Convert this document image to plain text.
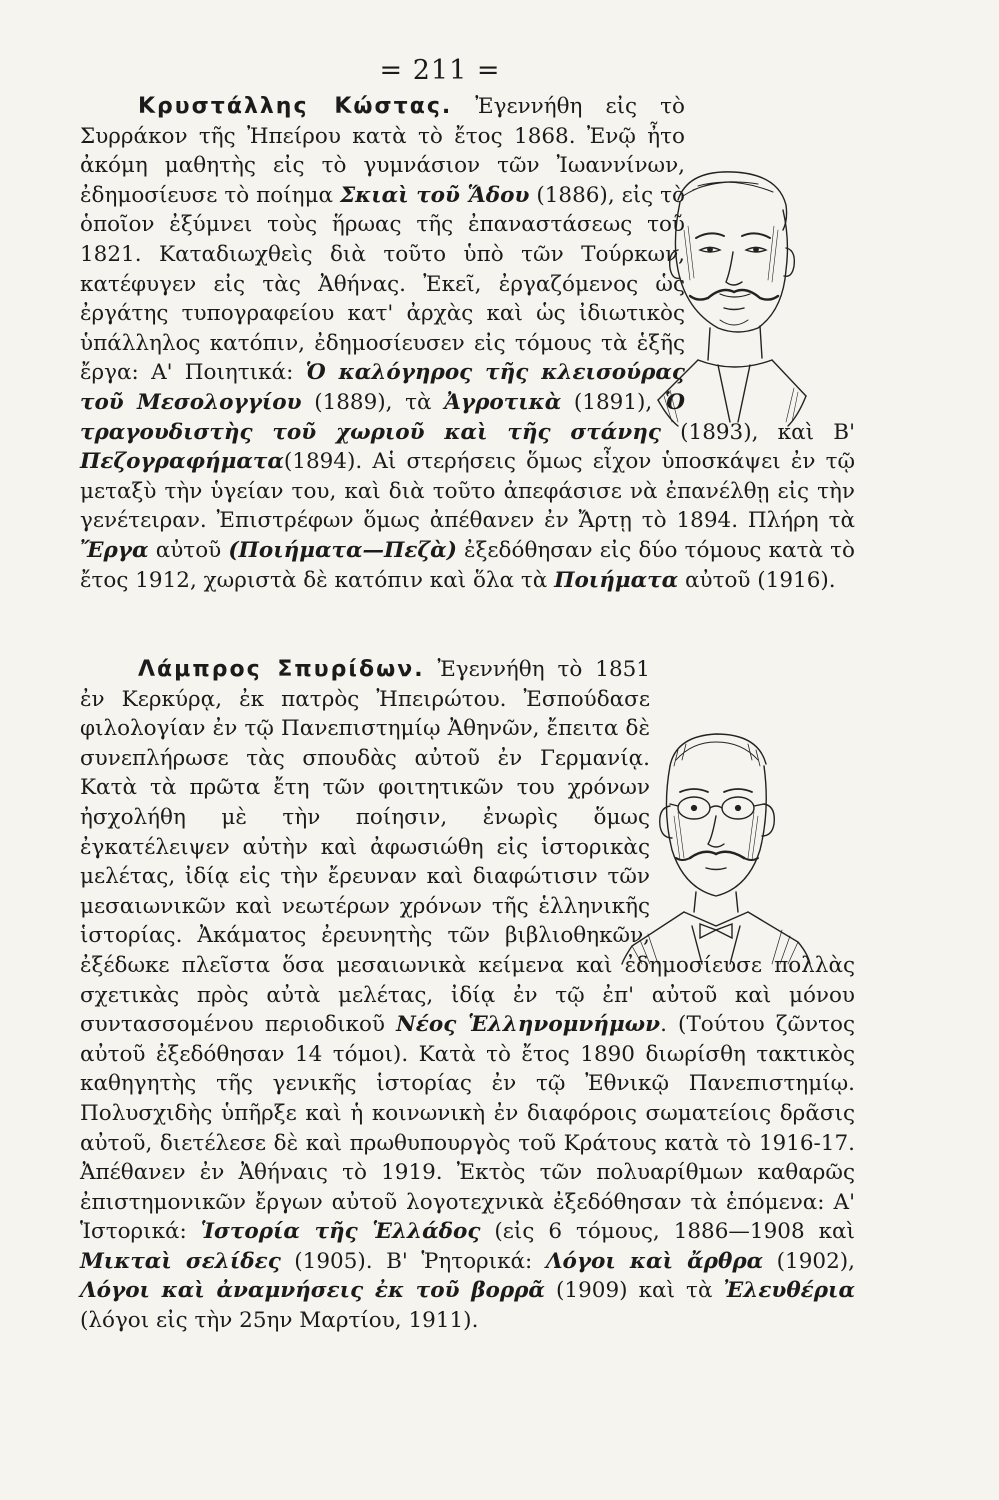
= 211 =

Κρυστάλλης Κώστας. Ἐγεννήθη εἰς τὸ Συρράκον τῆς Ἠπείρου κατὰ τὸ ἔτος 1868. Ἐνῷ ἦτο ἀκόμη μαθητὴς εἰς τὸ γυμνάσιον τῶν Ἰωαννίνων, ἐδημοσίευσε τὸ ποίημα Σκιαὶ τοῦ Ἅδου (1886), εἰς τὸ ὁποῖον ἐξύμνει τοὺς ἥρωας τῆς ἐπαναστάσεως τοῦ 1821. Καταδιωχθεὶς διὰ τοῦτο ὑπὸ τῶν Τούρκων, κατέφυγεν εἰς τὰς Ἀθήνας. Ἐκεῖ, ἐργαζόμενος ὡς ἐργάτης τυπογραφείου κατ' ἀρχὰς καὶ ὡς ἰδιωτικὸς ὑπάλληλος κατόπιν, ἐδημοσίευσεν εἰς τόμους τὰ ἑξῆς ἔργα: Α' Ποιητικά: Ὁ καλόγηρος τῆς κλεισούρας τοῦ Μεσολογγίου (1889), τὰ Ἀγροτικὰ (1891), Ὁ τραγουδιστὴς τοῦ χωριοῦ καὶ τῆς στάνης (1893), καὶ Β' Πεζογραφήματα(1894). Αἱ στερήσεις ὅμως εἶχον ὑποσκάψει ἐν τῷ μεταξὺ τὴν ὑγείαν του, καὶ διὰ τοῦτο ἀπεφάσισε νὰ ἐπανέλθῃ εἰς τὴν γενέτειραν. Ἐπιστρέφων ὅμως ἀπέθανεν ἐν Ἄρτῃ τὸ 1894. Πλήρη τὰ Ἔργα αὐτοῦ (Ποιήματα—Πεζὰ) ἐξεδόθησαν εἰς δύο τόμους κατὰ τὸ ἔτος 1912, χωριστὰ δὲ κατόπιν καὶ ὅλα τὰ Ποιήματα αὐτοῦ (1916).

Λάμπρος Σπυρίδων. Ἐγεννήθη τὸ 1851 ἐν Κερκύρᾳ, ἐκ πατρὸς Ἠπειρώτου. Ἐσπούδασε φιλολογίαν ἐν τῷ Πανεπιστημίῳ Ἀθηνῶν, ἔπειτα δὲ συνεπλήρωσε τὰς σπουδὰς αὐτοῦ ἐν Γερμανίᾳ. Κατὰ τὰ πρῶτα ἔτη τῶν φοιτητικῶν του χρόνων ἠσχολήθη μὲ τὴν ποίησιν, ἐνωρὶς ὅμως ἐγκατέλειψεν αὐτὴν καὶ ἀφωσιώθη εἰς ἱστορικὰς μελέτας, ἰδίᾳ εἰς τὴν ἔρευναν καὶ διαφώτισιν τῶν μεσαιωνικῶν καὶ νεωτέρων χρόνων τῆς ἑλληνικῆς ἱστορίας. Ἀκάματος ἐρευνητὴς τῶν βιβλιοθηκῶν, ἐξέδωκε πλεῖστα ὅσα μεσαιωνικὰ κείμενα καὶ ἐδημοσίευσε πολλὰς σχετικὰς πρὸς αὐτὰ μελέτας, ἰδίᾳ ἐν τῷ ἐπ' αὐτοῦ καὶ μόνου συντασσομένου περιοδικοῦ Νέος Ἑλληνομνήμων. (Τούτου ζῶντος αὐτοῦ ἐξεδόθησαν 14 τόμοι). Κατὰ τὸ ἔτος 1890 διωρίσθη τακτικὸς καθηγητὴς τῆς γενικῆς ἱστορίας ἐν τῷ Ἐθνικῷ Πανεπιστημίῳ. Πολυσχιδὴς ὑπῆρξε καὶ ἡ κοινωνικὴ ἐν διαφόροις σωματείοις δρᾶσις αὐτοῦ, διετέλεσε δὲ καὶ πρωθυπουργὸς τοῦ Κράτους κατὰ τὸ 1916-17. Ἀπέθανεν ἐν Ἀθήναις τὸ 1919. Ἐκτὸς τῶν πολυαρίθμων καθαρῶς ἐπιστημονικῶν ἔργων αὐτοῦ λογοτεχνικὰ ἐξεδόθησαν τὰ ἑπόμενα: Α' Ἱστορικά: Ἱστορία τῆς Ἑλλάδος (εἰς 6 τόμους, 1886—1908 καὶ Μικταὶ σελίδες (1905). Β' Ῥητορικά: Λόγοι καὶ ἄρθρα (1902), Λόγοι καὶ ἀναμνήσεις ἐκ τοῦ βορρᾶ (1909) καὶ τὰ Ἐλευθέρια (λόγοι εἰς τὴν 25ην Μαρτίου, 1911).
